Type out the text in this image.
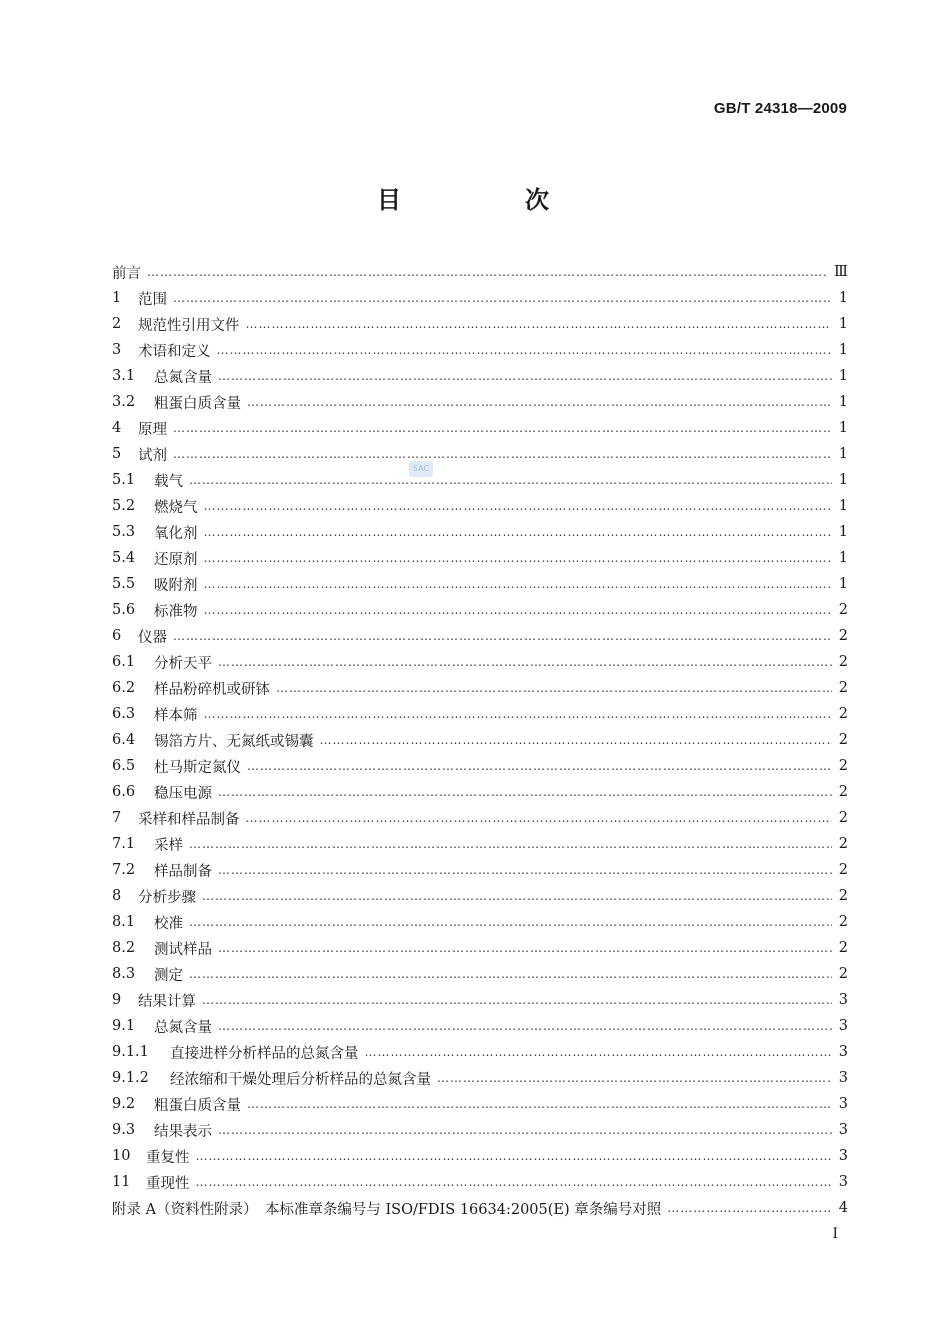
GB/T 24318—2009
目　次
SAC
前言 ……………………………………………………………………………………………………………………………………………………………………………………………	Ⅲ
1	范围 ……………………………………………………………………………………………………………………………………………………………………………………………	1
2	规范性引用文件 ……………………………………………………………………………………………………………………………………………………………………………………………	1
3	术语和定义 ……………………………………………………………………………………………………………………………………………………………………………………………	1
3.1	总氮含量 ……………………………………………………………………………………………………………………………………………………………………………………………	1
3.2	粗蛋白质含量 ……………………………………………………………………………………………………………………………………………………………………………………………	1
4	原理 ……………………………………………………………………………………………………………………………………………………………………………………………	1
5	试剂 ……………………………………………………………………………………………………………………………………………………………………………………………	1
5.1	载气 ……………………………………………………………………………………………………………………………………………………………………………………………	1
5.2	燃烧气 ……………………………………………………………………………………………………………………………………………………………………………………………	1
5.3	氧化剂 ……………………………………………………………………………………………………………………………………………………………………………………………	1
5.4	还原剂 ……………………………………………………………………………………………………………………………………………………………………………………………	1
5.5	吸附剂 ……………………………………………………………………………………………………………………………………………………………………………………………	1
5.6	标准物 ……………………………………………………………………………………………………………………………………………………………………………………………	2
6	仪器 ……………………………………………………………………………………………………………………………………………………………………………………………	2
6.1	分析天平 ……………………………………………………………………………………………………………………………………………………………………………………………	2
6.2	样品粉碎机或研钵 ……………………………………………………………………………………………………………………………………………………………………………………………	2
6.3	样本筛 ……………………………………………………………………………………………………………………………………………………………………………………………	2
6.4	锡箔方片、无氮纸或锡囊 ……………………………………………………………………………………………………………………………………………………………………………………………	2
6.5	杜马斯定氮仪 ……………………………………………………………………………………………………………………………………………………………………………………………	2
6.6	稳压电源 ……………………………………………………………………………………………………………………………………………………………………………………………	2
7	采样和样品制备 ……………………………………………………………………………………………………………………………………………………………………………………………	2
7.1	采样 ……………………………………………………………………………………………………………………………………………………………………………………………	2
7.2	样品制备 ……………………………………………………………………………………………………………………………………………………………………………………………	2
8	分析步骤 ……………………………………………………………………………………………………………………………………………………………………………………………	2
8.1	校准 ……………………………………………………………………………………………………………………………………………………………………………………………	2
8.2	测试样品 ……………………………………………………………………………………………………………………………………………………………………………………………	2
8.3	测定 ……………………………………………………………………………………………………………………………………………………………………………………………	2
9	结果计算 ……………………………………………………………………………………………………………………………………………………………………………………………	3
9.1	总氮含量 ……………………………………………………………………………………………………………………………………………………………………………………………	3
9.1.1	直接进样分析样品的总氮含量 ……………………………………………………………………………………………………………………………………………………………………………………………	3
9.1.2	经浓缩和干燥处理后分析样品的总氮含量 ……………………………………………………………………………………………………………………………………………………………………………………………	3
9.2	粗蛋白质含量 ……………………………………………………………………………………………………………………………………………………………………………………………	3
9.3	结果表示 ……………………………………………………………………………………………………………………………………………………………………………………………	3
10	重复性 ……………………………………………………………………………………………………………………………………………………………………………………………	3
11	重现性 ……………………………………………………………………………………………………………………………………………………………………………………………	3
附录 A（资料性附录）　本标准章条编号与 ISO/FDIS 16634:2005(E) 章条编号对照 ……………………………………………………………………………………………………………………………………………………………………………………………	4
I
